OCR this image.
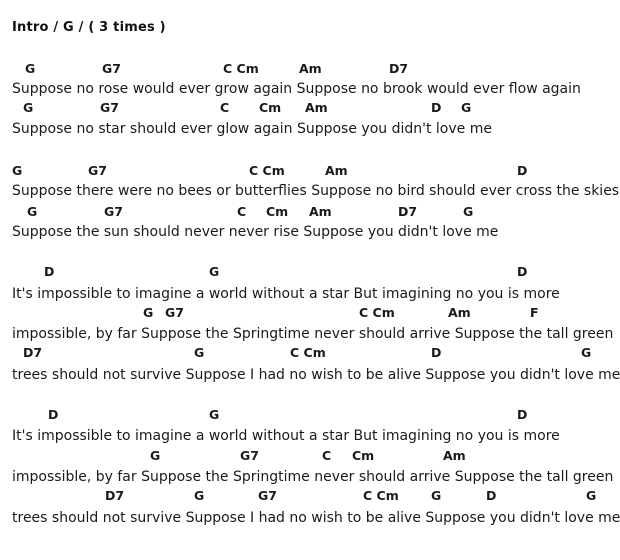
Intro / G / ( 3 times )
G	G7	C Cm	Am	D7
Suppose no rose would ever grow again Suppose no brook would ever flow again
G	G7	C Cm Am	D G
Suppose no star should ever glow again Suppose you didn't love me
G	G7	C Cm	Am	D
Suppose there were no bees or butterflies Suppose no bird should ever cross the skies
G	G7	C Cm Am	D7	G
Suppose the sun should never never rise Suppose you didn't love me
D	G	D
It's impossible to imagine a world without a star But imagining no you is more
G G7	C Cm	Am	F
impossible, by far Suppose the Springtime never should arrive Suppose the tall green
D7	G	C Cm	D	G
trees should not survive Suppose I had no wish to be alive Suppose you didn't love me
D	G	D
It's impossible to imagine a world without a star But imagining no you is more
G	G7	C Cm	Am
impossible, by far Suppose the Springtime never should arrive Suppose the tall green
D7	G	G7	C Cm	G	D	G
trees should not survive Suppose I had no wish to be alive Suppose you didn't love me
